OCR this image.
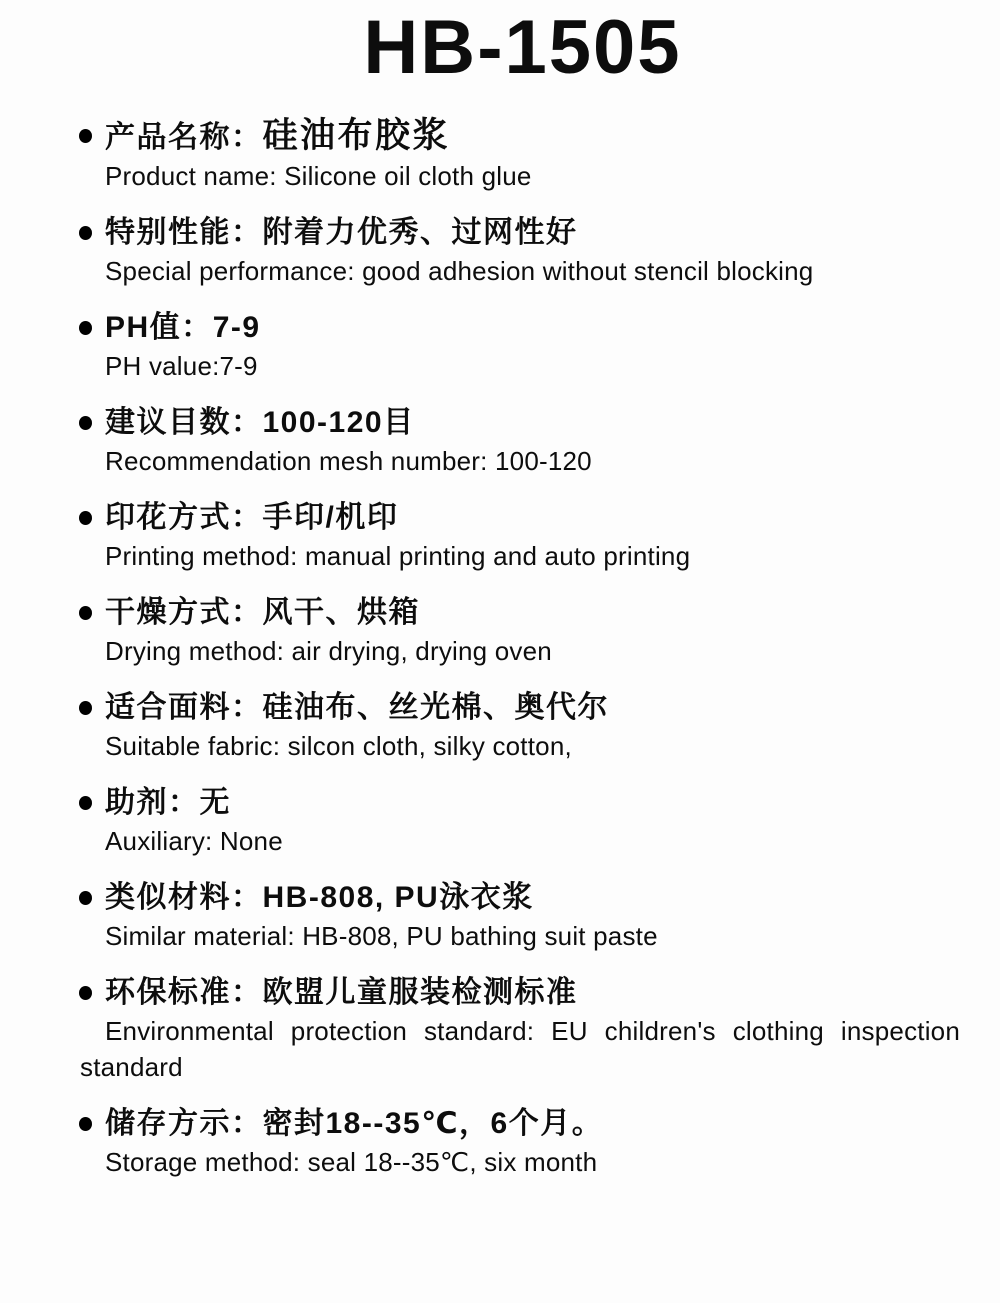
HB-1505
产品名称：硅油布胶浆

Product name: Silicone oil cloth glue

特别性能：附着力优秀、过网性好

Special performance: good adhesion without stencil blocking

PH值：7-9

PH value:7-9

建议目数：100-120目

Recommendation mesh number: 100-120

印花方式：手印/机印

Printing method: manual printing and auto printing

干燥方式：风干、烘箱

Drying method: air drying, drying oven

适合面料：硅油布、丝光棉、奥代尔

Suitable fabric: silcon cloth, silky cotton,

助剂：无

Auxiliary: None

类似材料：HB-808, PU泳衣浆

Similar material: HB-808, PU bathing suit paste

环保标准：欧盟儿童服装检测标准

Environmental protection standard: EU children's clothing inspection standard

储存方示：密封18--35℃，6个月。

Storage method: seal 18--35℃, six month
